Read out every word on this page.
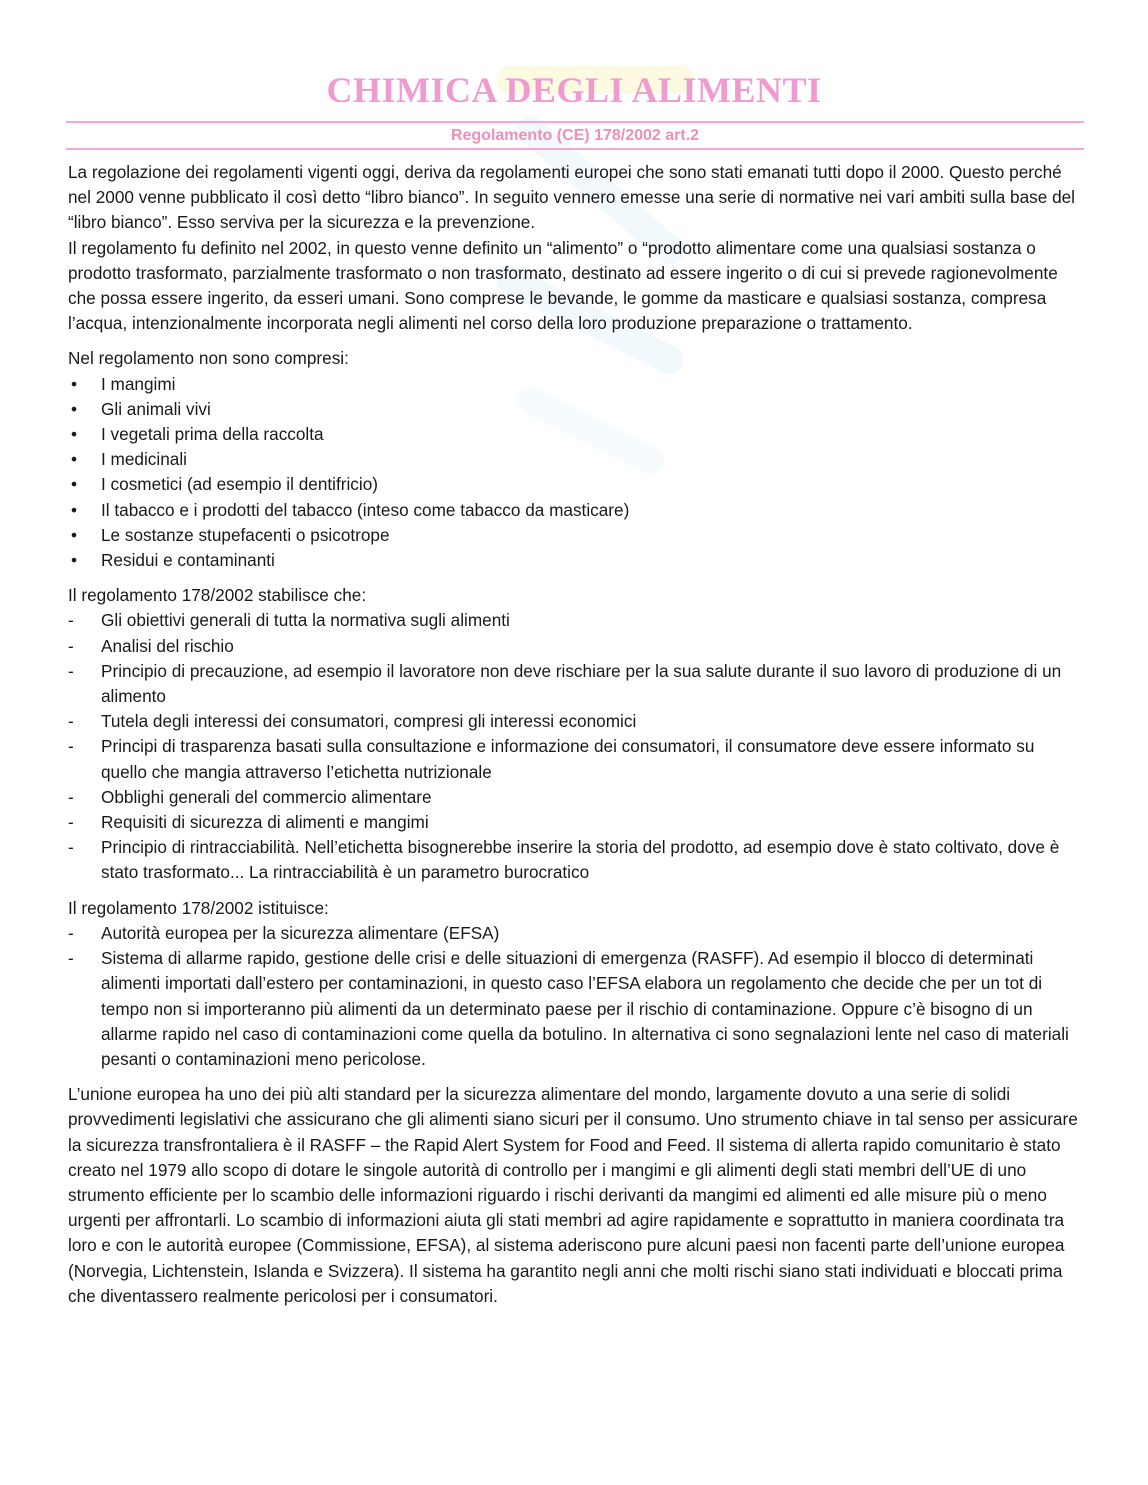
CHIMICA DEGLI ALIMENTI
Regolamento (CE) 178/2002 art.2

La regolazione dei regolamenti vigenti oggi, deriva da regolamenti europei che sono stati emanati tutti dopo il 2000. Questo perché nel 2000 venne pubblicato il così detto “libro bianco”. In seguito vennero emesse una serie di normative nei vari ambiti sulla base del “libro bianco”. Esso serviva per la sicurezza e la prevenzione.

Il regolamento fu definito nel 2002, in questo venne definito un “alimento” o “prodotto alimentare come una qualsiasi sostanza o prodotto trasformato, parzialmente trasformato o non trasformato, destinato ad essere ingerito o di cui si prevede ragionevolmente che possa essere ingerito, da esseri umani. Sono comprese le bevande, le gomme da masticare e qualsiasi sostanza, compresa l’acqua, intenzionalmente incorporata negli alimenti nel corso della loro produzione preparazione o trattamento.

Nel regolamento non sono compresi:

• I mangimi
• Gli animali vivi
• I vegetali prima della raccolta
• I medicinali
• I cosmetici (ad esempio il dentifricio)
• Il tabacco e i prodotti del tabacco (inteso come tabacco da masticare)
• Le sostanze stupefacenti o psicotrope
• Residui e contaminanti

Il regolamento 178/2002 stabilisce che:

-	Gli obiettivi generali di tutta la normativa sugli alimenti
-	Analisi del rischio
-	Principio di precauzione, ad esempio il lavoratore non deve rischiare per la sua salute durante il suo lavoro di produzione di un alimento
-	Tutela degli interessi dei consumatori, compresi gli interessi economici
-	Principi di trasparenza basati sulla consultazione e informazione dei consumatori, il consumatore deve essere informato su quello che mangia attraverso l’etichetta nutrizionale
-	Obblighi generali del commercio alimentare
-	Requisiti di sicurezza di alimenti e mangimi
-	Principio di rintracciabilità. Nell’etichetta bisognerebbe inserire la storia del prodotto, ad esempio dove è stato coltivato, dove è stato trasformato... La rintracciabilità è un parametro burocratico

Il regolamento 178/2002 istituisce:

-	Autorità europea per la sicurezza alimentare (EFSA)
-	Sistema di allarme rapido, gestione delle crisi e delle situazioni di emergenza (RASFF). Ad esempio il blocco di determinati alimenti importati dall’estero per contaminazioni, in questo caso l’EFSA elabora un regolamento che decide che per un tot di tempo non si importeranno più alimenti da un determinato paese per il rischio di contaminazione. Oppure c’è bisogno di un allarme rapido nel caso di contaminazioni come quella da botulino. In alternativa ci sono segnalazioni lente nel caso di materiali pesanti o contaminazioni meno pericolose.

L’unione europea ha uno dei più alti standard per la sicurezza alimentare del mondo, largamente dovuto a una serie di solidi provvedimenti legislativi che assicurano che gli alimenti siano sicuri per il consumo. Uno strumento chiave in tal senso per assicurare la sicurezza transfrontaliera è il RASFF – the Rapid Alert System for Food and Feed. Il sistema di allerta rapido comunitario è stato creato nel 1979 allo scopo di dotare le singole autorità di controllo per i mangimi e gli alimenti degli stati membri dell’UE di uno strumento efficiente per lo scambio delle informazioni riguardo i rischi derivanti da mangimi ed alimenti ed alle misure più o meno urgenti per affrontarli. Lo scambio di informazioni aiuta gli stati membri ad agire rapidamente e soprattutto in maniera coordinata tra loro e con le autorità europee (Commissione, EFSA), al sistema aderiscono pure alcuni paesi non facenti parte dell’unione europea (Norvegia, Lichtenstein, Islanda e Svizzera). Il sistema ha garantito negli anni che molti rischi siano stati individuati e bloccati prima che diventassero realmente pericolosi per i consumatori.
